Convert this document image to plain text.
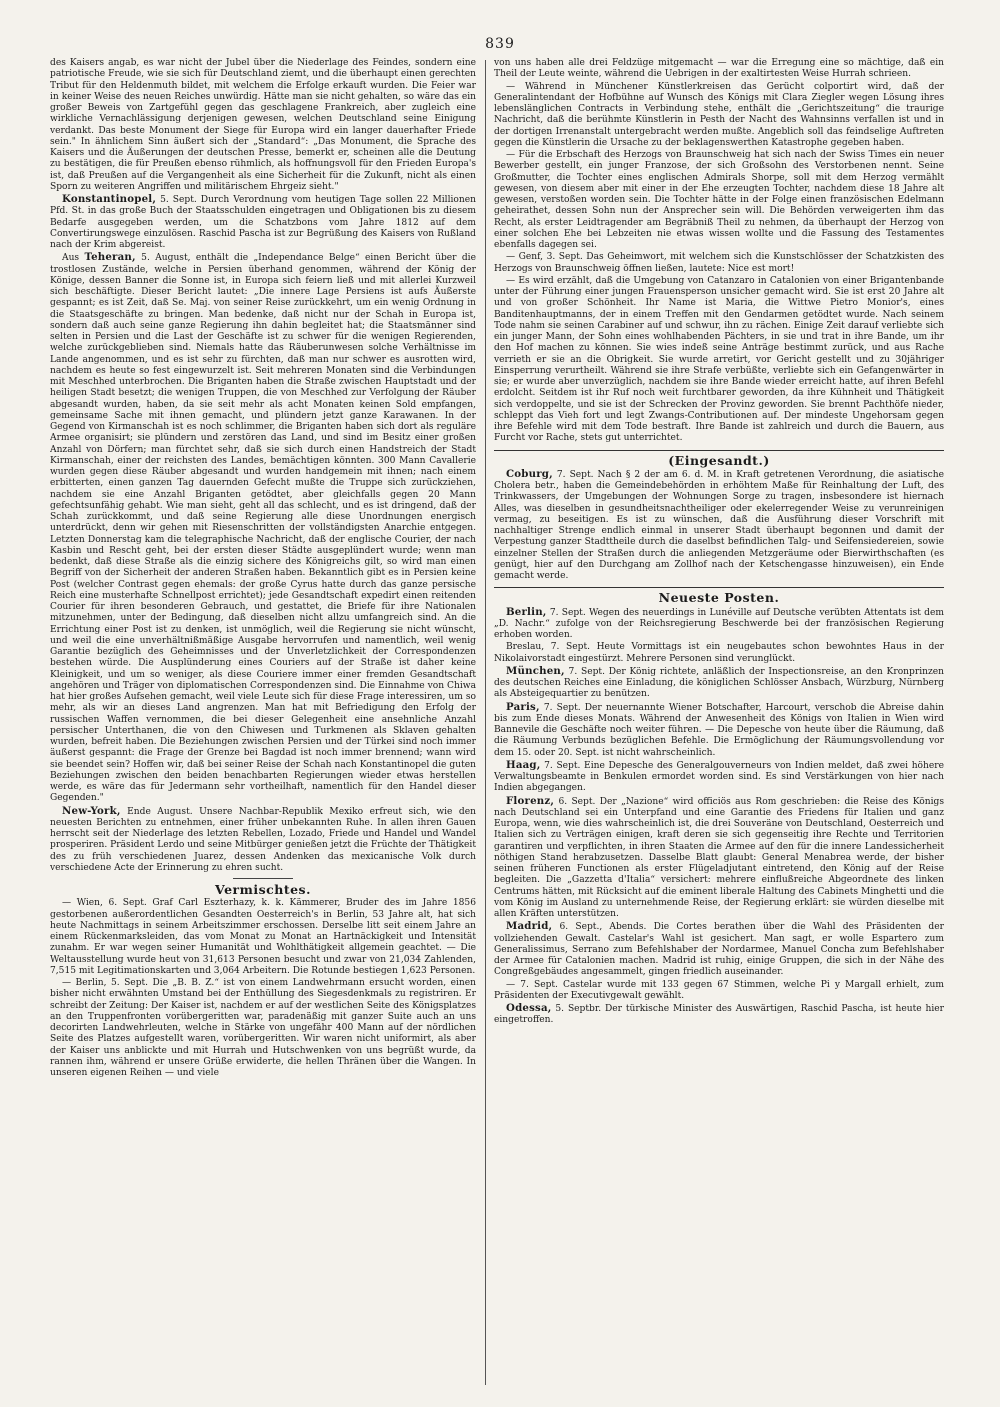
839

des Kaisers angab, es war nicht der Jubel über die Niederlage des Feindes, sondern eine patriotische Freude, wie sie sich für Deutschland ziemt, und die überhaupt einen gerechten Tribut für den Heldenmuth bildet, mit welchem die Erfolge erkauft wurden. Die Feier war in keiner Weise des neuen Reiches unwürdig. Hätte man sie nicht gehalten, so wäre das ein großer Beweis von Zartgefühl gegen das geschlagene Frankreich, aber zugleich eine wirkliche Vernachlässigung derjenigen gewesen, welchen Deutschland seine Einigung verdankt. Das beste Monument der Siege für Europa wird ein langer dauerhafter Friede sein." In ähnlichem Sinn äußert sich der „Standard“: „Das Monument, die Sprache des Kaisers und die Äußerungen der deutschen Presse, bemerkt er, scheinen alle die Deutung zu bestätigen, die für Preußen ebenso rühmlich, als hoffnungsvoll für den Frieden Europa's ist, daß Preußen auf die Vergangenheit als eine Sicherheit für die Zukunft, nicht als einen Sporn zu weiteren Angriffen und militärischem Ehrgeiz sieht."

Konstantinopel, 5. Sept. Durch Verordnung vom heutigen Tage sollen 22 Millionen Pfd. St. in das große Buch der Staatsschulden eingetragen und Obligationen bis zu diesem Bedarfe ausgegeben werden, um die Schatzbons vom Jahre 1812 auf dem Convertirungswege einzulösen. Raschid Pascha ist zur Begrüßung des Kaisers von Rußland nach der Krim abgereist.

Aus Teheran, 5. August, enthält die „Independance Belge“ einen Bericht über die trostlosen Zustände, welche in Persien überhand genommen, während der König der Könige, dessen Banner die Sonne ist, in Europa sich feiern ließ und mit allerlei Kurzweil sich beschäftigte. Dieser Bericht lautet: „Die innere Lage Persiens ist aufs Äußerste gespannt; es ist Zeit, daß Se. Maj. von seiner Reise zurückkehrt, um ein wenig Ordnung in die Staatsgeschäfte zu bringen. Man bedenke, daß nicht nur der Schah in Europa ist, sondern daß auch seine ganze Regierung ihn dahin begleitet hat; die Staatsmänner sind selten in Persien und die Last der Geschäfte ist zu schwer für die wenigen Regierenden, welche zurückgeblieben sind. Niemals hatte das Räuberunwesen solche Verhältnisse im Lande angenommen, und es ist sehr zu fürchten, daß man nur schwer es ausrotten wird, nachdem es heute so fest eingewurzelt ist. Seit mehreren Monaten sind die Verbindungen mit Meschhed unterbrochen. Die Briganten haben die Straße zwischen Hauptstadt und der heiligen Stadt besetzt; die wenigen Truppen, die von Meschhed zur Verfolgung der Räuber abgesandt wurden, haben, da sie seit mehr als acht Monaten keinen Sold empfangen, gemeinsame Sache mit ihnen gemacht, und plündern jetzt ganze Karawanen. In der Gegend von Kirmanschah ist es noch schlimmer, die Briganten haben sich dort als reguläre Armee organisirt; sie plündern und zerstören das Land, und sind im Besitz einer großen Anzahl von Dörfern; man fürchtet sehr, daß sie sich durch einen Handstreich der Stadt Kirmanschah, einer der reichsten des Landes, bemächtigen könnten. 300 Mann Cavallerie wurden gegen diese Räuber abgesandt und wurden handgemein mit ihnen; nach einem erbitterten, einen ganzen Tag dauernden Gefecht mußte die Truppe sich zurückziehen, nachdem sie eine Anzahl Briganten getödtet, aber gleichfalls gegen 20 Mann gefechtsunfähig gehabt. Wie man sieht, geht all das schlecht, und es ist dringend, daß der Schah zurückkommt, und daß seine Regierung alle diese Unordnungen energisch unterdrückt, denn wir gehen mit Riesenschritten der vollständigsten Anarchie entgegen. Letzten Donnerstag kam die telegraphische Nachricht, daß der englische Courier, der nach Kasbin und Rescht geht, bei der ersten dieser Städte ausgeplündert wurde; wenn man bedenkt, daß diese Straße als die einzig sichere des Königreichs gilt, so wird man einen Begriff von der Sicherheit der anderen Straßen haben. Bekanntlich gibt es in Persien keine Post (welcher Contrast gegen ehemals: der große Cyrus hatte durch das ganze persische Reich eine musterhafte Schnellpost errichtet); jede Gesandtschaft expedirt einen reitenden Courier für ihren besonderen Gebrauch, und gestattet, die Briefe für ihre Nationalen mitzunehmen, unter der Bedingung, daß dieselben nicht allzu umfangreich sind. An die Errichtung einer Post ist zu denken, ist unmöglich, weil die Regierung sie nicht wünscht, und weil die eine unverhältnißmäßige Ausgabe hervorrufen und namentlich, weil wenig Garantie bezüglich des Geheimnisses und der Unverletzlichkeit der Correspondenzen bestehen würde. Die Ausplünderung eines Couriers auf der Straße ist daher keine Kleinigkeit, und um so weniger, als diese Couriere immer einer fremden Gesandtschaft angehören und Träger von diplomatischen Correspondenzen sind. Die Einnahme von Chiwa hat hier großes Aufsehen gemacht, weil viele Leute sich für diese Frage interessiren, um so mehr, als wir an dieses Land angrenzen. Man hat mit Befriedigung den Erfolg der russischen Waffen vernommen, die bei dieser Gelegenheit eine ansehnliche Anzahl persischer Unterthanen, die von den Chiwesen und Turkmenen als Sklaven gehalten wurden, befreit haben. Die Beziehungen zwischen Persien und der Türkei sind noch immer äußerst gespannt: die Frage der Grenze bei Bagdad ist noch immer brennend; wann wird sie beendet sein? Hoffen wir, daß bei seiner Reise der Schah nach Konstantinopel die guten Beziehungen zwischen den beiden benachbarten Regierungen wieder etwas herstellen werde, es wäre das für Jedermann sehr vortheilhaft, namentlich für den Handel dieser Gegenden."

New-York, Ende August. Unsere Nachbar-Republik Mexiko erfreut sich, wie den neuesten Berichten zu entnehmen, einer früher unbekannten Ruhe. In allen ihren Gauen herrscht seit der Niederlage des letzten Rebellen, Lozado, Friede und Handel und Wandel prosperiren. Präsident Lerdo und seine Mitbürger genießen jetzt die Früchte der Thätigkeit des zu früh verschiedenen Juarez, dessen Andenken das mexicanische Volk durch verschiedene Acte der Erinnerung zu ehren sucht.

Vermischtes.

— Wien, 6. Sept. Graf Carl Eszterhazy, k. k. Kämmerer, Bruder des im Jahre 1856 gestorbenen außerordentlichen Gesandten Oesterreich's in Berlin, 53 Jahre alt, hat sich heute Nachmittags in seinem Arbeitszimmer erschossen. Derselbe litt seit einem Jahre an einem Rückenmarksleiden, das vom Monat zu Monat an Hartnäckigkeit und Intensität zunahm. Er war wegen seiner Humanität und Wohlthätigkeit allgemein geachtet. — Die Weltausstellung wurde heut von 31,613 Personen besucht und zwar von 21,034 Zahlenden, 7,515 mit Legitimationskarten und 3,064 Arbeitern. Die Rotunde bestiegen 1,623 Personen.

— Berlin, 5. Sept. Die „B. B. Z.“ ist von einem Landwehrmann ersucht worden, einen bisher nicht erwähnten Umstand bei der Enthüllung des Siegesdenkmals zu registriren. Er schreibt der Zeitung: Der Kaiser ist, nachdem er auf der westlichen Seite des Königsplatzes an den Truppenfronten vorübergeritten war, paradenäßig mit ganzer Suite auch an uns decorirten Landwehrleuten, welche in Stärke von ungefähr 400 Mann auf der nördlichen Seite des Platzes aufgestellt waren, vorübergeritten. Wir waren nicht uniformirt, als aber der Kaiser uns anblickte und mit Hurrah und Hutschwenken von uns begrüßt wurde, da rannen ihm, während er unsere Grüße erwiderte, die hellen Thränen über die Wangen. In unseren eigenen Reihen — und viele

von uns haben alle drei Feldzüge mitgemacht — war die Erregung eine so mächtige, daß ein Theil der Leute weinte, während die Uebrigen in der exaltirtesten Weise Hurrah schrieen.

— Während in Münchener Künstlerkreisen das Gerücht colportirt wird, daß der Generalintendant der Hofbühne auf Wunsch des Königs mit Clara Ziegler wegen Lösung ihres lebenslänglichen Contracts in Verbindung stehe, enthält die „Gerichtszeitung“ die traurige Nachricht, daß die berühmte Künstlerin in Pesth der Nacht des Wahnsinns verfallen ist und in der dortigen Irrenanstalt untergebracht werden mußte. Angeblich soll das feindselige Auftreten gegen die Künstlerin die Ursache zu der beklagenswerthen Katastrophe gegeben haben.

— Für die Erbschaft des Herzogs von Braunschweig hat sich nach der Swiss Times ein neuer Bewerber gestellt, ein junger Franzose, der sich Großsohn des Verstorbenen nennt. Seine Großmutter, die Tochter eines englischen Admirals Shorpe, soll mit dem Herzog vermählt gewesen, von diesem aber mit einer in der Ehe erzeugten Tochter, nachdem diese 18 Jahre alt gewesen, verstoßen worden sein. Die Tochter hätte in der Folge einen französischen Edelmann geheirathet, dessen Sohn nun der Ansprecher sein will. Die Behörden verweigerten ihm das Recht, als erster Leidtragender am Begräbniß Theil zu nehmen, da überhaupt der Herzog von einer solchen Ehe bei Lebzeiten nie etwas wissen wollte und die Fassung des Testamentes ebenfalls dagegen sei.

— Genf, 3. Sept. Das Geheimwort, mit welchem sich die Kunstschlösser der Schatzkisten des Herzogs von Braunschweig öffnen ließen, lautete: Nice est mort!

— Es wird erzählt, daß die Umgebung von Catanzaro in Catalonien von einer Brigantenbande unter der Führung einer jungen Frauensperson unsicher gemacht wird. Sie ist erst 20 Jahre alt und von großer Schönheit. Ihr Name ist Maria, die Wittwe Pietro Monior's, eines Banditenhauptmanns, der in einem Treffen mit den Gendarmen getödtet wurde. Nach seinem Tode nahm sie seinen Carabiner auf und schwur, ihn zu rächen. Einige Zeit darauf verliebte sich ein junger Mann, der Sohn eines wohlhabenden Pächters, in sie und trat in ihre Bande, um ihr den Hof machen zu können. Sie wies indeß seine Anträge bestimmt zurück, und aus Rache verrieth er sie an die Obrigkeit. Sie wurde arretirt, vor Gericht gestellt und zu 30jähriger Einsperrung verurtheilt. Während sie ihre Strafe verbüßte, verliebte sich ein Gefangenwärter in sie; er wurde aber unverzüglich, nachdem sie ihre Bande wieder erreicht hatte, auf ihren Befehl erdolcht. Seitdem ist ihr Ruf noch weit furchtbarer geworden, da ihre Kühnheit und Thätigkeit sich verdoppelte, und sie ist der Schrecken der Provinz geworden. Sie brennt Pachthöfe nieder, schleppt das Vieh fort und legt Zwangs-Contributionen auf. Der mindeste Ungehorsam gegen ihre Befehle wird mit dem Tode bestraft. Ihre Bande ist zahlreich und durch die Bauern, aus Furcht vor Rache, stets gut unterrichtet.

(Eingesandt.)

Coburg, 7. Sept. Nach § 2 der am 6. d. M. in Kraft getretenen Verordnung, die asiatische Cholera betr., haben die Gemeindebehörden in erhöhtem Maße für Reinhaltung der Luft, des Trinkwassers, der Umgebungen der Wohnungen Sorge zu tragen, insbesondere ist hiernach Alles, was dieselben in gesundheitsnachtheiliger oder ekelerregender Weise zu verunreinigen vermag, zu beseitigen. Es ist zu wünschen, daß die Ausführung dieser Vorschrift mit nachhaltiger Strenge endlich einmal in unserer Stadt überhaupt begonnen und damit der Verpestung ganzer Stadttheile durch die daselbst befindlichen Talg- und Seifensiedereien, sowie einzelner Stellen der Straßen durch die anliegenden Metzgeräume oder Bierwirthschaften (es genügt, hier auf den Durchgang am Zollhof nach der Ketschengasse hinzuweisen), ein Ende gemacht werde.

Neueste Posten.

Berlin, 7. Sept. Wegen des neuerdings in Lunéville auf Deutsche verübten Attentats ist dem „D. Nachr.“ zufolge von der Reichsregierung Beschwerde bei der französischen Regierung erhoben worden.

Breslau, 7. Sept. Heute Vormittags ist ein neugebautes schon bewohntes Haus in der Nikolaivorstadt eingestürzt. Mehrere Personen sind verunglückt.

München, 7. Sept. Der König richtete, anläßlich der Inspectionsreise, an den Kronprinzen des deutschen Reiches eine Einladung, die königlichen Schlösser Ansbach, Würzburg, Nürnberg als Absteigequartier zu benützen.

Paris, 7. Sept. Der neuernannte Wiener Botschafter, Harcourt, verschob die Abreise dahin bis zum Ende dieses Monats. Während der Anwesenheit des Königs von Italien in Wien wird Bannevile die Geschäfte noch weiter führen. — Die Depesche von heute über die Räumung, daß die Räumung Verbunds bezüglichen Befehle. Die Ermöglichung der Räumungsvollendung vor dem 15. oder 20. Sept. ist nicht wahrscheinlich.

Haag, 7. Sept. Eine Depesche des Generalgouverneurs von Indien meldet, daß zwei höhere Verwaltungsbeamte in Benkulen ermordet worden sind. Es sind Verstärkungen von hier nach Indien abgegangen.

Florenz, 6. Sept. Der „Nazione“ wird officiös aus Rom geschrieben: die Reise des Königs nach Deutschland sei ein Unterpfand und eine Garantie des Friedens für Italien und ganz Europa, wenn, wie dies wahrscheinlich ist, die drei Souveräne von Deutschland, Oesterreich und Italien sich zu Verträgen einigen, kraft deren sie sich gegenseitig ihre Rechte und Territorien garantiren und verpflichten, in ihren Staaten die Armee auf den für die innere Landessicherheit nöthigen Stand herabzusetzen. Dasselbe Blatt glaubt: General Menabrea werde, der bisher seinen früheren Functionen als erster Flügeladjutant eintretend, den König auf der Reise begleiten. Die „Gazzetta d'Italia“ versichert: mehrere einflußreiche Abgeordnete des linken Centrums hätten, mit Rücksicht auf die eminent liberale Haltung des Cabinets Minghetti und die vom König im Ausland zu unternehmende Reise, der Regierung erklärt: sie würden dieselbe mit allen Kräften unterstützen.

Madrid, 6. Sept., Abends. Die Cortes berathen über die Wahl des Präsidenten der vollziehenden Gewalt. Castelar's Wahl ist gesichert. Man sagt, er wolle Espartero zum Generalissimus, Serrano zum Befehlshaber der Nordarmee, Manuel Concha zum Befehlshaber der Armee für Catalonien machen. Madrid ist ruhig, einige Gruppen, die sich in der Nähe des Congreßgebäudes angesammelt, gingen friedlich auseinander.

— 7. Sept. Castelar wurde mit 133 gegen 67 Stimmen, welche Pi y Margall erhielt, zum Präsidenten der Executivgewalt gewählt.

Odessa, 5. Septbr. Der türkische Minister des Auswärtigen, Raschid Pascha, ist heute hier eingetroffen.
